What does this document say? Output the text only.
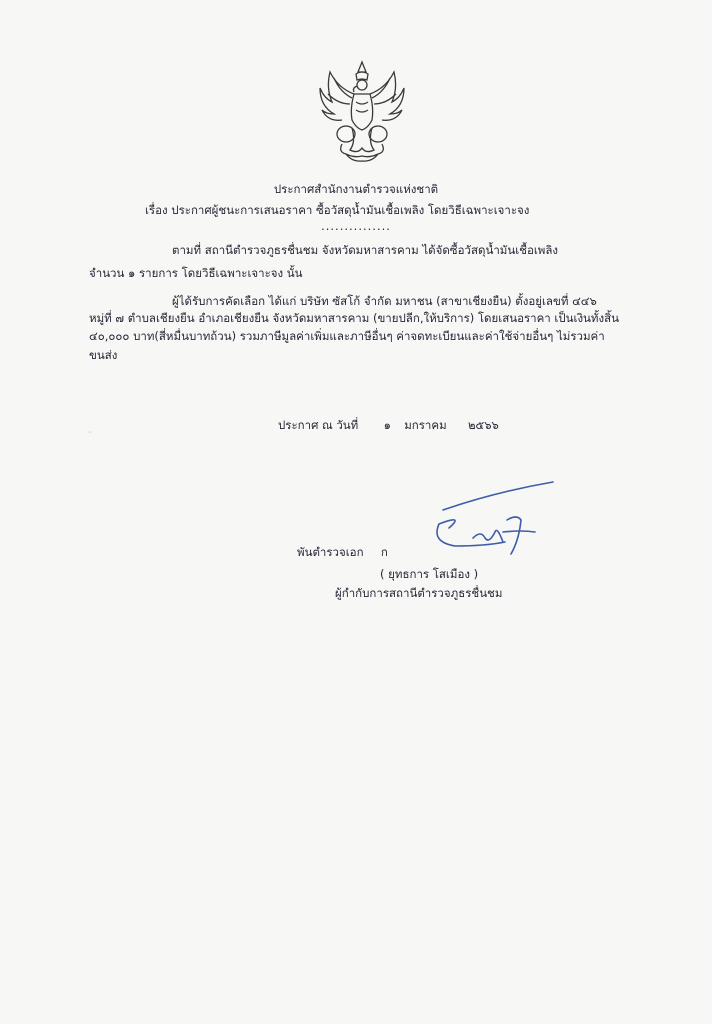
ประกาศสำนักงานตำรวจแห่งชาติ
เรื่อง ประกาศผู้ชนะการเสนอราคา ซื้อวัสดุน้ำมันเชื้อเพลิง โดยวิธีเฉพาะเจาะจง
...............
ตามที่ สถานีตำรวจภูธรชื่นชม จังหวัดมหาสารคาม ได้จัดซื้อวัสดุน้ำมันเชื้อเพลิง
จำนวน ๑ รายการ โดยวิธีเฉพาะเจาะจง นั้น
ผู้ได้รับการคัดเลือก ได้แก่ บริษัท ซัสโก้ จำกัด มหาชน (สาขาเชียงยืน) ตั้งอยู่เลขที่ ๔๔๖
หมู่ที่ ๗ ตำบลเชียงยืน อำเภอเชียงยืน จังหวัดมหาสารคาม (ขายปลีก,ให้บริการ) โดยเสนอราคา เป็นเงินทั้งสิ้น
๔๐,๐๐๐ บาท(สี่หมื่นบาทถ้วน) รวมภาษีมูลค่าเพิ่มและภาษีอื่นๆ ค่าจดทะเบียนและค่าใช้จ่ายอื่นๆ ไม่รวมค่า
ขนส่ง
ประกาศ ณ วันที่ ๑ มกราคม ๒๕๖๖
พันตำรวจเอก ก
( ยุทธการ โสเมือง )
ผู้กำกับการสถานีตำรวจภูธรชื่นชม
-
